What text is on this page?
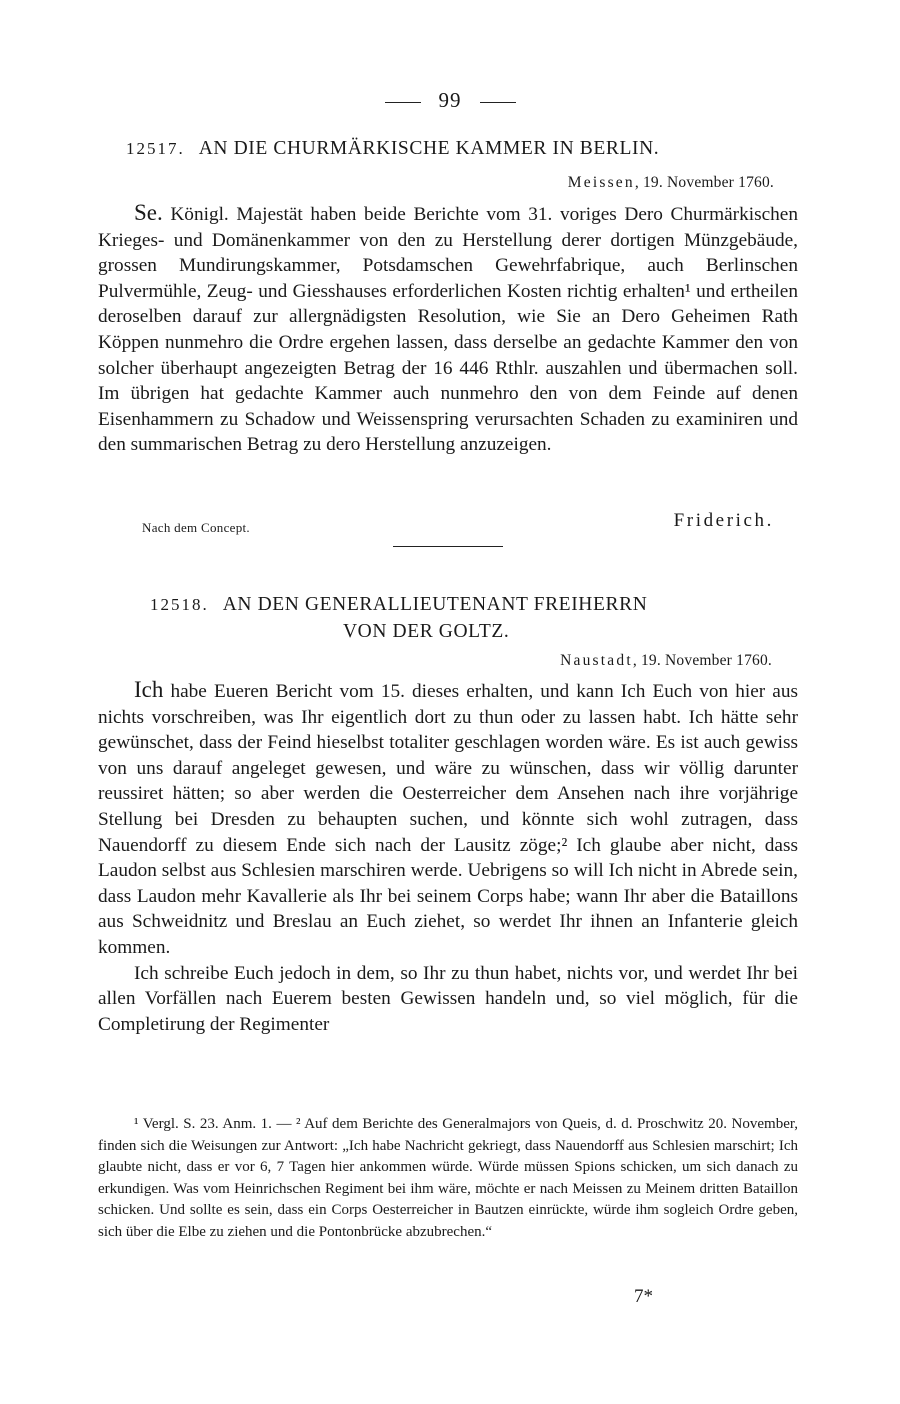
99
12517. AN DIE CHURMÄRKISCHE KAMMER IN BERLIN.
Meissen, 19. November 1760.

Se. Königl. Majestät haben beide Berichte vom 31. voriges Dero Churmärkischen Krieges- und Domänenkammer von den zu Herstellung derer dortigen Münzgebäude, grossen Mundirungskammer, Potsdamschen Gewehrfabrique, auch Berlinschen Pulvermühle, Zeug- und Giesshauses erforderlichen Kosten richtig erhalten¹ und ertheilen deroselben darauf zur allergnädigsten Resolution, wie Sie an Dero Geheimen Rath Köppen nunmehro die Ordre ergehen lassen, dass derselbe an gedachte Kammer den von solcher überhaupt angezeigten Betrag der 16 446 Rthlr. auszahlen und übermachen soll. Im übrigen hat gedachte Kammer auch nunmehro den von dem Feinde auf denen Eisenhammern zu Schadow und Weissenspring verursachten Schaden zu examiniren und den summarischen Betrag zu dero Herstellung anzuzeigen.

Nach dem Concept.	Friderich.
12518. AN DEN GENERALLIEUTENANT FREIHERRN
VON DER GOLTZ.
Naustadt, 19. November 1760.

Ich habe Eueren Bericht vom 15. dieses erhalten, und kann Ich Euch von hier aus nichts vorschreiben, was Ihr eigentlich dort zu thun oder zu lassen habt. Ich hätte sehr gewünschet, dass der Feind hieselbst totaliter geschlagen worden wäre. Es ist auch gewiss von uns darauf angeleget gewesen, und wäre zu wünschen, dass wir völlig darunter reussiret hätten; so aber werden die Oesterreicher dem Ansehen nach ihre vorjährige Stellung bei Dresden zu behaupten suchen, und könnte sich wohl zutragen, dass Nauendorff zu diesem Ende sich nach der Lausitz zöge;² Ich glaube aber nicht, dass Laudon selbst aus Schlesien marschiren werde. Uebrigens so will Ich nicht in Abrede sein, dass Laudon mehr Kavallerie als Ihr bei seinem Corps habe; wann Ihr aber die Bataillons aus Schweidnitz und Breslau an Euch ziehet, so werdet Ihr ihnen an Infanterie gleich kommen.

Ich schreibe Euch jedoch in dem, so Ihr zu thun habet, nichts vor, und werdet Ihr bei allen Vorfällen nach Euerem besten Gewissen handeln und, so viel möglich, für die Completirung der Regimenter

¹ Vergl. S. 23. Anm. 1. — ² Auf dem Berichte des Generalmajors von Queis, d. d. Proschwitz 20. November, finden sich die Weisungen zur Antwort: „Ich habe Nachricht gekriegt, dass Nauendorff aus Schlesien marschirt; Ich glaubte nicht, dass er vor 6, 7 Tagen hier ankommen würde. Würde müssen Spions schicken, um sich danach zu erkundigen. Was vom Heinrichschen Regiment bei ihm wäre, möchte er nach Meissen zu Meinem dritten Bataillon schicken. Und sollte es sein, dass ein Corps Oesterreicher in Bautzen einrückte, würde ihm sogleich Ordre geben, sich über die Elbe zu ziehen und die Pontonbrücke abzubrechen.“

7*
